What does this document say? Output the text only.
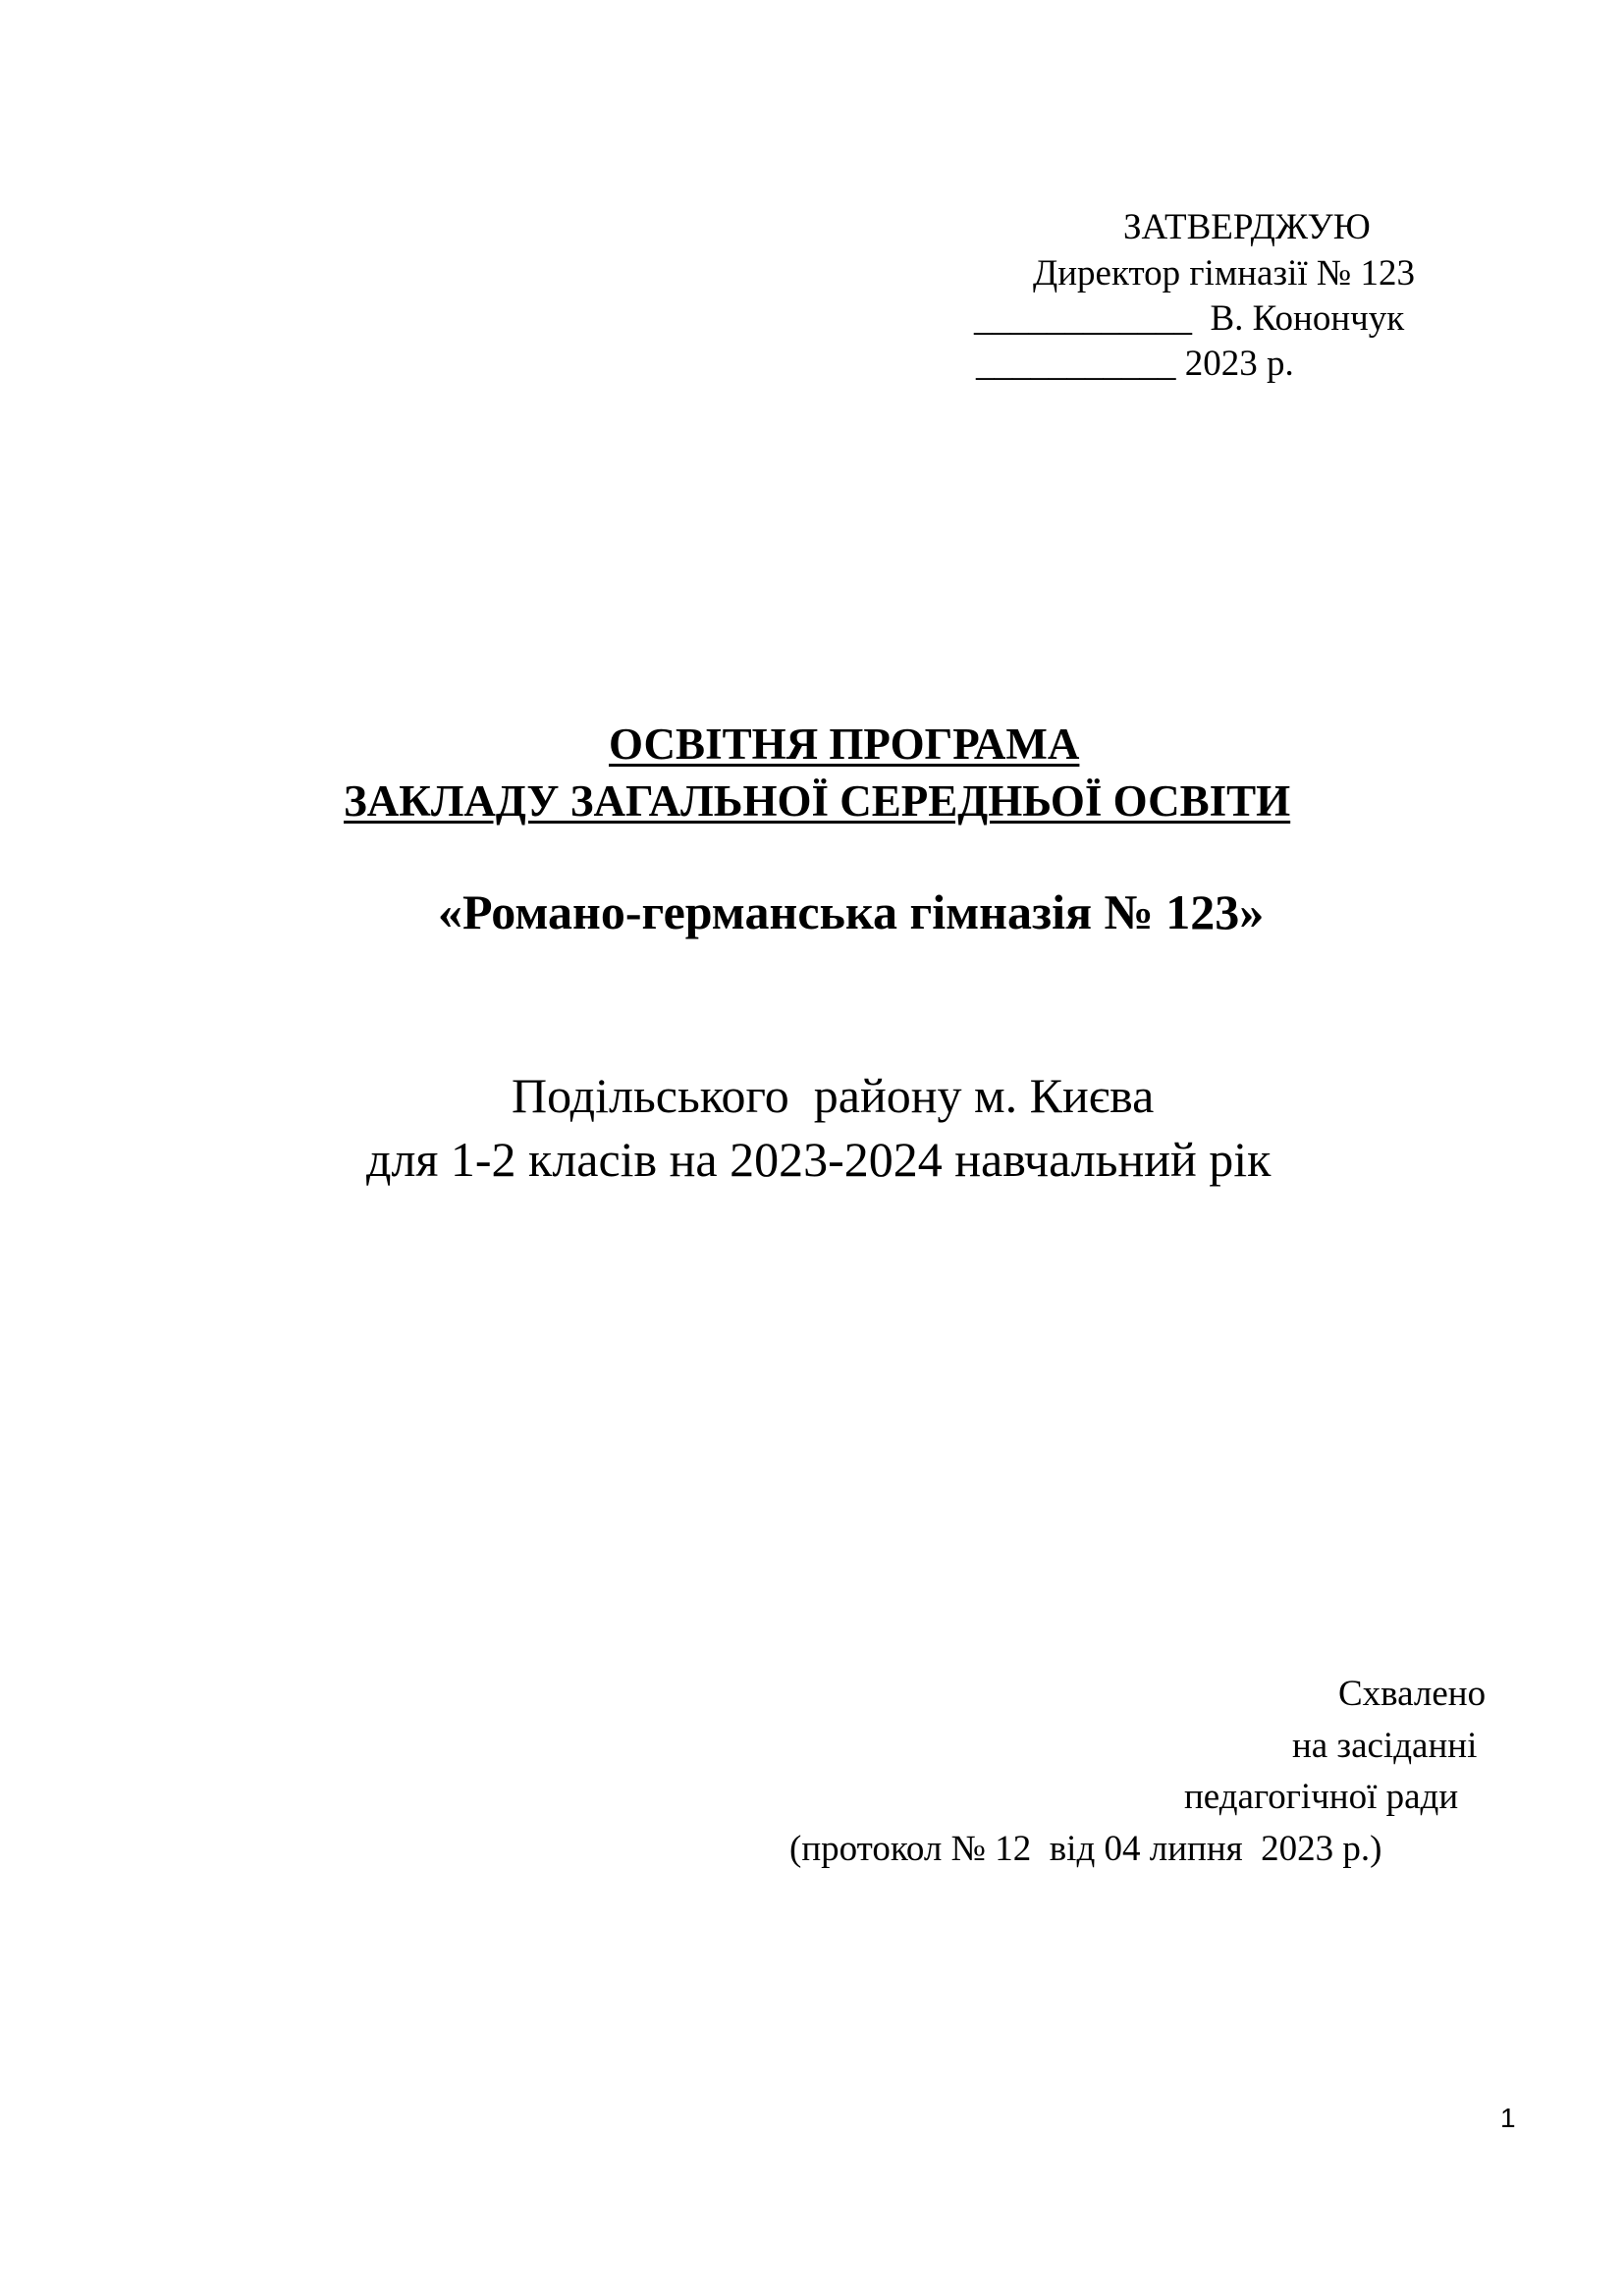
ЗАТВЕРДЖУЮ
Директор гімназії № 123
____________  В. Конончук
___________ 2023 р.
ОСВІТНЯ ПРОГРАМА
ЗАКЛАДУ ЗАГАЛЬНОЇ СЕРЕДНЬОЇ ОСВІТИ
«Романо-германська гімназія № 123»
Подільського  району м. Києва
для 1-2 класів на 2023-2024 навчальний рік
Схвалено
на засіданні
педагогічної ради
(протокол № 12  від 04 липня  2023 р.)
1
